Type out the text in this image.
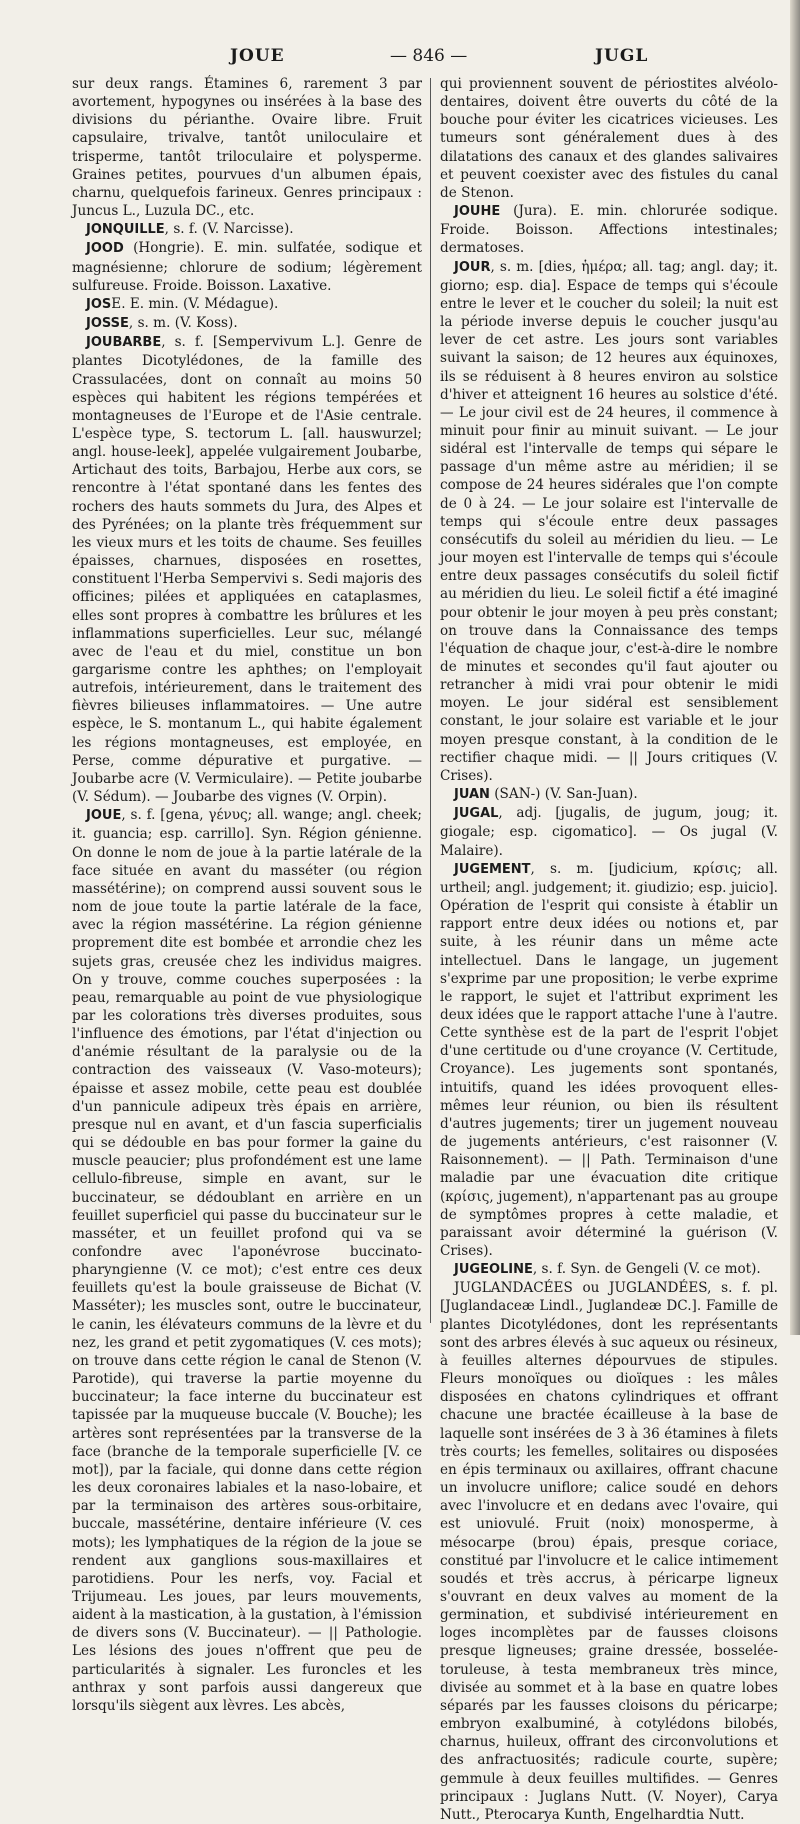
JOUE	— 846 —	JUGL

sur deux rangs. Étamines 6, rarement 3 par avortement, hypogynes ou insérées à la base des divisions du périanthe. Ovaire libre. Fruit capsulaire, trivalve, tantôt uniloculaire et trisperme, tantôt triloculaire et polysperme. Graines petites, pourvues d'un albumen épais, charnu, quelquefois farineux. Genres principaux : Juncus L., Luzula DC., etc.

JONQUILLE, s. f. (V. Narcisse).

JOOD (Hongrie). E. min. sulfatée, sodique et magnésienne; chlorure de sodium; légèrement sulfureuse. Froide. Boisson. Laxative.

JOSE. E. min. (V. Médague).

JOSSE, s. m. (V. Koss).

JOUBARBE, s. f. [Sempervivum L.]. Genre de plantes Dicotylédones, de la famille des Crassulacées, dont on connaît au moins 50 espèces qui habitent les régions tempérées et montagneuses de l'Europe et de l'Asie centrale. L'espèce type, S. tectorum L. [all. hauswurzel; angl. house-leek], appelée vulgairement Joubarbe, Artichaut des toits, Barbajou, Herbe aux cors, se rencontre à l'état spontané dans les fentes des rochers des hauts sommets du Jura, des Alpes et des Pyrénées; on la plante très fréquemment sur les vieux murs et les toits de chaume. Ses feuilles épaisses, charnues, disposées en rosettes, constituent l'Herba Sempervivi s. Sedi majoris des officines; pilées et appliquées en cataplasmes, elles sont propres à combattre les brûlures et les inflammations superficielles. Leur suc, mélangé avec de l'eau et du miel, constitue un bon gargarisme contre les aphthes; on l'employait autrefois, intérieurement, dans le traitement des fièvres bilieuses inflammatoires. — Une autre espèce, le S. montanum L., qui habite également les régions montagneuses, est employée, en Perse, comme dépurative et purgative. — Joubarbe acre (V. Vermiculaire). — Petite joubarbe (V. Sédum). — Joubarbe des vignes (V. Orpin).

JOUE, s. f. [gena, γένυς; all. wange; angl. cheek; it. guancia; esp. carrillo]. Syn. Région génienne. On donne le nom de joue à la partie latérale de la face située en avant du masséter (ou région massétérine); on comprend aussi souvent sous le nom de joue toute la partie latérale de la face, avec la région massétérine. La région génienne proprement dite est bombée et arrondie chez les sujets gras, creusée chez les individus maigres. On y trouve, comme couches superposées : la peau, remarquable au point de vue physiologique par les colorations très diverses produites, sous l'influence des émotions, par l'état d'injection ou d'anémie résultant de la paralysie ou de la contraction des vaisseaux (V. Vaso-moteurs); épaisse et assez mobile, cette peau est doublée d'un pannicule adipeux très épais en arrière, presque nul en avant, et d'un fascia superficialis qui se dédouble en bas pour former la gaine du muscle peaucier; plus profondément est une lame cellulo-fibreuse, simple en avant, sur le buccinateur, se dédoublant en arrière en un feuillet superficiel qui passe du buccinateur sur le masséter, et un feuillet profond qui va se confondre avec l'aponévrose buccinato-pharyngienne (V. ce mot); c'est entre ces deux feuillets qu'est la boule graisseuse de Bichat (V. Masséter); les muscles sont, outre le buccinateur, le canin, les élévateurs communs de la lèvre et du nez, les grand et petit zygomatiques (V. ces mots); on trouve dans cette région le canal de Stenon (V. Parotide), qui traverse la partie moyenne du buccinateur; la face interne du buccinateur est tapissée par la muqueuse buccale (V. Bouche); les artères sont représentées par la transverse de la face (branche de la temporale superficielle [V. ce mot]), par la faciale, qui donne dans cette région les deux coronaires labiales et la naso-lobaire, et par la terminaison des artères sous-orbitaire, buccale, massétérine, dentaire inférieure (V. ces mots); les lymphatiques de la région de la joue se rendent aux ganglions sous-maxillaires et parotidiens. Pour les nerfs, voy. Facial et Trijumeau. Les joues, par leurs mouvements, aident à la mastication, à la gustation, à l'émission de divers sons (V. Buccinateur). — || Pathologie. Les lésions des joues n'offrent que peu de particularités à signaler. Les furoncles et les anthrax y sont parfois aussi dangereux que lorsqu'ils siègent aux lèvres. Les abcès,

qui proviennent souvent de périostites alvéolo-dentaires, doivent être ouverts du côté de la bouche pour éviter les cicatrices vicieuses. Les tumeurs sont généralement dues à des dilatations des canaux et des glandes salivaires et peuvent coexister avec des fistules du canal de Stenon.

JOUHE (Jura). E. min. chlorurée sodique. Froide. Boisson. Affections intestinales; dermatoses.

JOUR, s. m. [dies, ἡμέρα; all. tag; angl. day; it. giorno; esp. dia]. Espace de temps qui s'écoule entre le lever et le coucher du soleil; la nuit est la période inverse depuis le coucher jusqu'au lever de cet astre. Les jours sont variables suivant la saison; de 12 heures aux équinoxes, ils se réduisent à 8 heures environ au solstice d'hiver et atteignent 16 heures au solstice d'été. — Le jour civil est de 24 heures, il commence à minuit pour finir au minuit suivant. — Le jour sidéral est l'intervalle de temps qui sépare le passage d'un même astre au méridien; il se compose de 24 heures sidérales que l'on compte de 0 à 24. — Le jour solaire est l'intervalle de temps qui s'écoule entre deux passages consécutifs du soleil au méridien du lieu. — Le jour moyen est l'intervalle de temps qui s'écoule entre deux passages consécutifs du soleil fictif au méridien du lieu. Le soleil fictif a été imaginé pour obtenir le jour moyen à peu près constant; on trouve dans la Connaissance des temps l'équation de chaque jour, c'est-à-dire le nombre de minutes et secondes qu'il faut ajouter ou retrancher à midi vrai pour obtenir le midi moyen. Le jour sidéral est sensiblement constant, le jour solaire est variable et le jour moyen presque constant, à la condition de le rectifier chaque midi. — || Jours critiques (V. Crises).

JUAN (SAN-) (V. San-Juan).

JUGAL, adj. [jugalis, de jugum, joug; it. giogale; esp. cigomatico]. — Os jugal (V. Malaire).

JUGEMENT, s. m. [judicium, κρίσις; all. urtheil; angl. judgement; it. giudizio; esp. juicio]. Opération de l'esprit qui consiste à établir un rapport entre deux idées ou notions et, par suite, à les réunir dans un même acte intellectuel. Dans le langage, un jugement s'exprime par une proposition; le verbe exprime le rapport, le sujet et l'attribut expriment les deux idées que le rapport attache l'une à l'autre. Cette synthèse est de la part de l'esprit l'objet d'une certitude ou d'une croyance (V. Certitude, Croyance). Les jugements sont spontanés, intuitifs, quand les idées provoquent elles-mêmes leur réunion, ou bien ils résultent d'autres jugements; tirer un jugement nouveau de jugements antérieurs, c'est raisonner (V. Raisonnement). — || Path. Terminaison d'une maladie par une évacuation dite critique (κρίσις, jugement), n'appartenant pas au groupe de symptômes propres à cette maladie, et paraissant avoir déterminé la guérison (V. Crises).

JUGEOLINE, s. f. Syn. de Gengeli (V. ce mot).

JUGLANDACÉES ou JUGLANDÉES, s. f. pl. [Juglandaceæ Lindl., Juglandeæ DC.]. Famille de plantes Dicotylédones, dont les représentants sont des arbres élevés à suc aqueux ou résineux, à feuilles alternes dépourvues de stipules. Fleurs monoïques ou dioïques : les mâles disposées en chatons cylindriques et offrant chacune une bractée écailleuse à la base de laquelle sont insérées de 3 à 36 étamines à filets très courts; les femelles, solitaires ou disposées en épis terminaux ou axillaires, offrant chacune un involucre uniflore; calice soudé en dehors avec l'involucre et en dedans avec l'ovaire, qui est uniovulé. Fruit (noix) monosperme, à mésocarpe (brou) épais, presque coriace, constitué par l'involucre et le calice intimement soudés et très accrus, à péricarpe ligneux s'ouvrant en deux valves au moment de la germination, et subdivisé intérieurement en loges incomplètes par de fausses cloisons presque ligneuses; graine dressée, bosselée-toruleuse, à testa membraneux très mince, divisée au sommet et à la base en quatre lobes séparés par les fausses cloisons du péricarpe; embryon exalbuminé, à cotylédons bilobés, charnus, huileux, offrant des circonvolutions et des anfractuosités; radicule courte, supère; gemmule à deux feuilles multifides. — Genres principaux : Juglans Nutt. (V. Noyer), Carya Nutt., Pterocarya Kunth, Engelhardtia Nutt.
